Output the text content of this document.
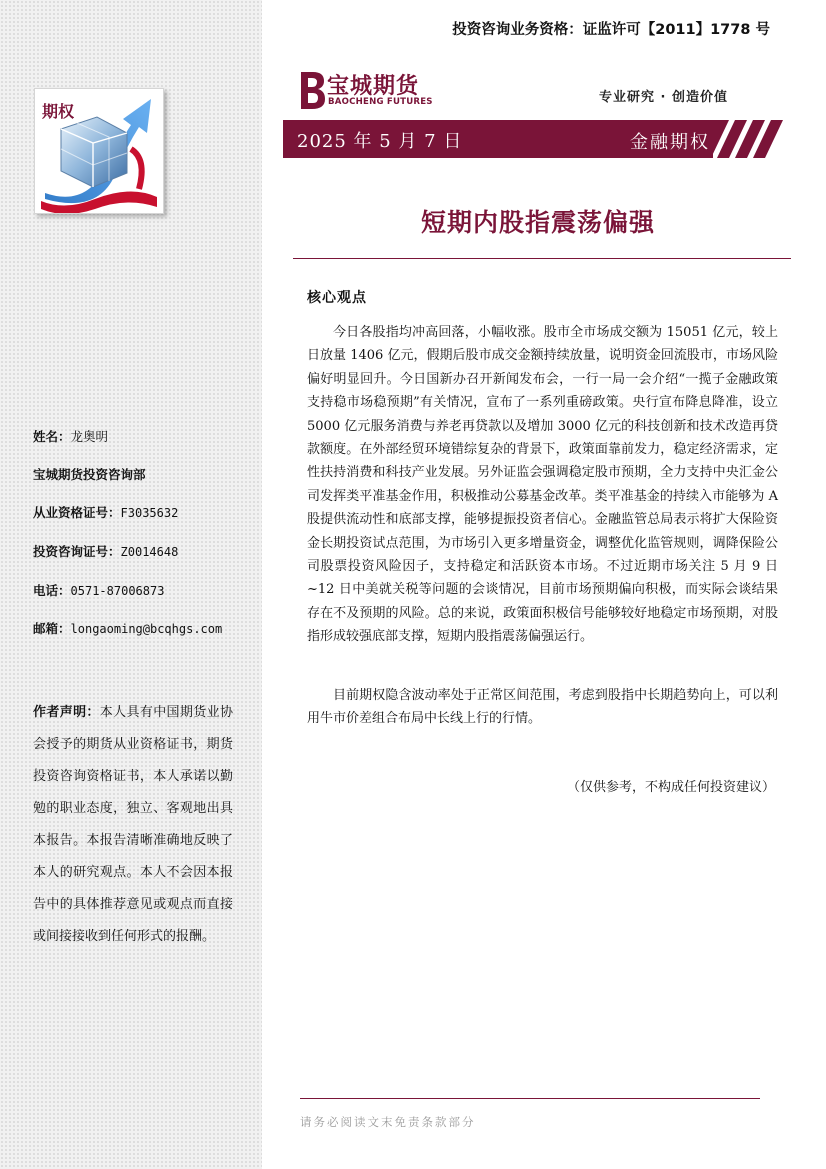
期权
姓名：龙奥明
宝城期货投资咨询部
从业资格证号：F3035632
投资咨询证号：Z0014648
电话：0571-87006873
邮箱：longaoming@bcqhgs.com
作者声明：本人具有中国期货业协会授予的期货从业资格证书，期货投资咨询资格证书，本人承诺以勤勉的职业态度，独立、客观地出具本报告。本报告清晰准确地反映了本人的研究观点。本人不会因本报告中的具体推荐意见或观点而直接或间接接收到任何形式的报酬。
投资咨询业务资格：证监许可【2011】1778 号
宝城期货
BAOCHENG FUTURES	专业研究 · 创造价值
2025 年 5 月 7 日	金融期权
短期内股指震荡偏强
核心观点

今日各股指均冲高回落，小幅收涨。股市全市场成交额为 15051 亿元，较上日放量 1406 亿元，假期后股市成交金额持续放量，说明资金回流股市，市场风险偏好明显回升。今日国新办召开新闻发布会，一行一局一会介绍“一揽子金融政策支持稳市场稳预期”有关情况，宣布了一系列重磅政策。央行宣布降息降准，设立 5000 亿元服务消费与养老再贷款以及增加 3000 亿元的科技创新和技术改造再贷款额度。在外部经贸环境错综复杂的背景下，政策面靠前发力，稳定经济需求，定性扶持消费和科技产业发展。另外证监会强调稳定股市预期，全力支持中央汇金公司发挥类平准基金作用，积极推动公募基金改革。类平准基金的持续入市能够为 A 股提供流动性和底部支撑，能够提振投资者信心。金融监管总局表示将扩大保险资金长期投资试点范围，为市场引入更多增量资金，调整优化监管规则，调降保险公司股票投资风险因子，支持稳定和活跃资本市场。不过近期市场关注 5 月 9 日~12 日中美就关税等问题的会谈情况，目前市场预期偏向积极，而实际会谈结果存在不及预期的风险。总的来说，政策面积极信号能够较好地稳定市场预期，对股指形成较强底部支撑，短期内股指震荡偏强运行。

目前期权隐含波动率处于正常区间范围，考虑到股指中长期趋势向上，可以利用牛市价差组合布局中长线上行的行情。

（仅供参考，不构成任何投资建议）
请务必阅读文末免责条款部分
